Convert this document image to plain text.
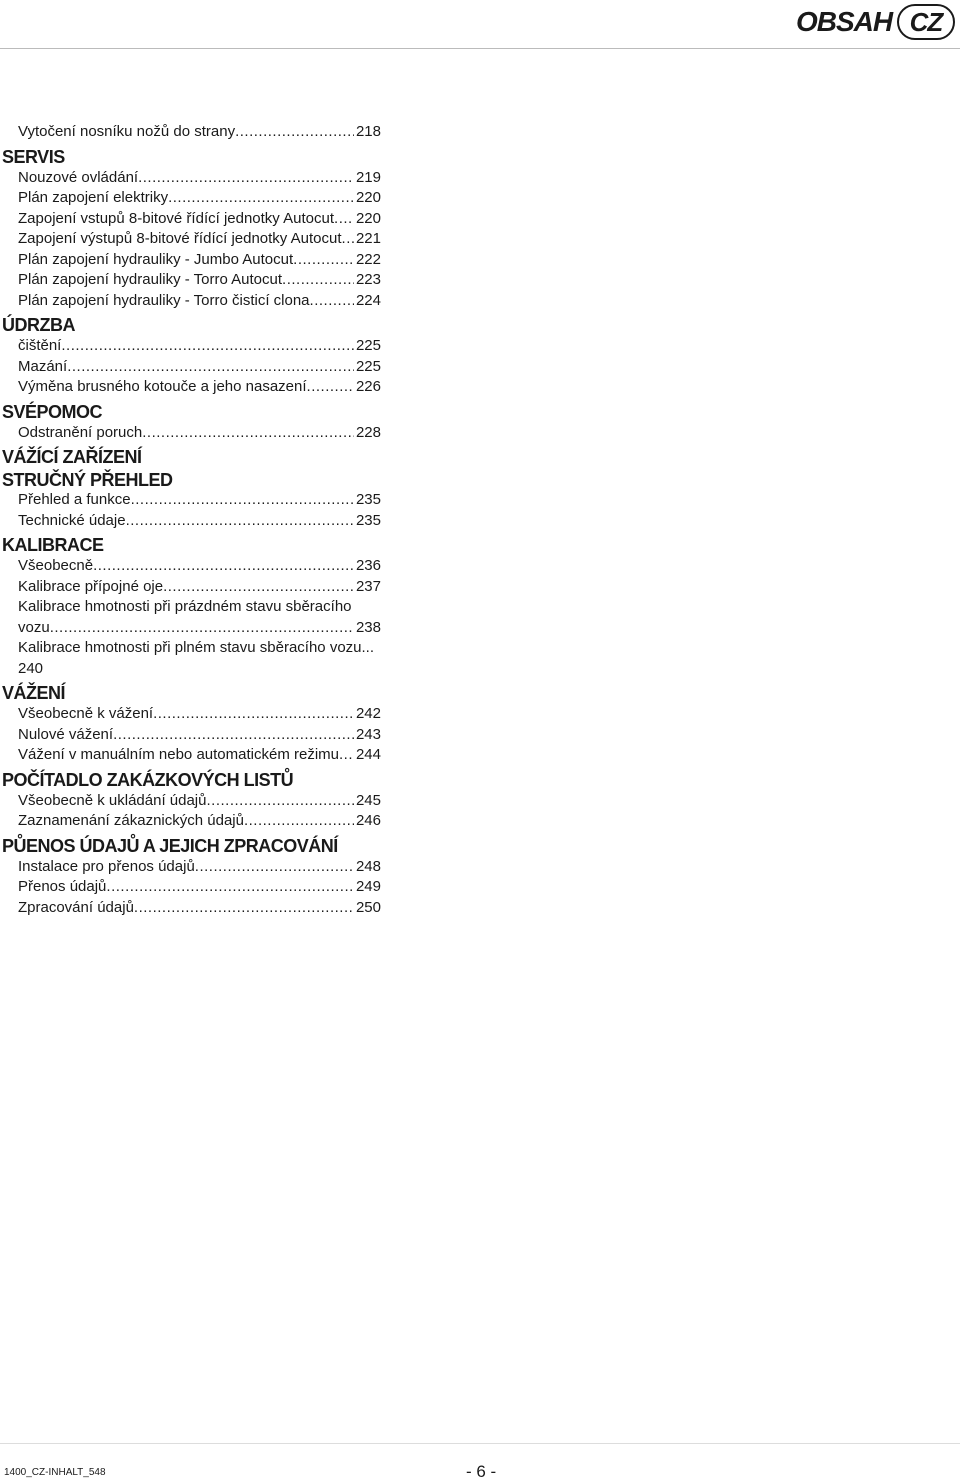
OBSAH CZ
Vytočení nosníku nožů do strany .....	218
SERVIS
Nouzové ovládání .....	219
Plán zapojení elektriky .....	220
Zapojení vstupů 8-bitové řídící jednotky Autocut ..... 220
Zapojení výstupů 8-bitové řídící jednotky Autocut ..... 221
Plán zapojení hydrauliky - Jumbo Autocut .....	222
Plán zapojení hydrauliky - Torro Autocut .....	223
Plán zapojení hydrauliky - Torro čisticí clona .....	224
ÚDRZBA
čištění .....	225
Mazání .....	225
Výměna brusného kotouče a jeho nasazení .....	226
SVÉPOMOC
Odstranění poruch .....	228
VÁŽÍCÍ ZAŘÍZENÍ
STRUČNÝ PŘEHLED
Přehled a funkce .....	235
Technické údaje .....	235
KALIBRACE
Všeobecně .....	236
Kalibrace přípojné oje .....	237
Kalibrace hmotnosti při prázdném stavu sběracího
vozu .....	238
Kalibrace hmotnosti při plném stavu sběracího vozu...
240
VÁŽENÍ
Všeobecně k vážení .....	242
Nulové vážení .....	243
Vážení v manuálním nebo automatickém režimu ..... 244
POČÍTADLO ZAKÁZKOVÝCH LISTŮ
Všeobecně k ukládání údajů .....	245
Zaznamenání zákaznických údajů .....	246
PŮENOS ÚDAJŮ A JEJICH ZPRACOVÁNÍ
Instalace pro přenos údajů .....	248
Přenos údajů .....	249
Zpracování údajů .....	250
1400_CZ-INHALT_548	- 6 -
